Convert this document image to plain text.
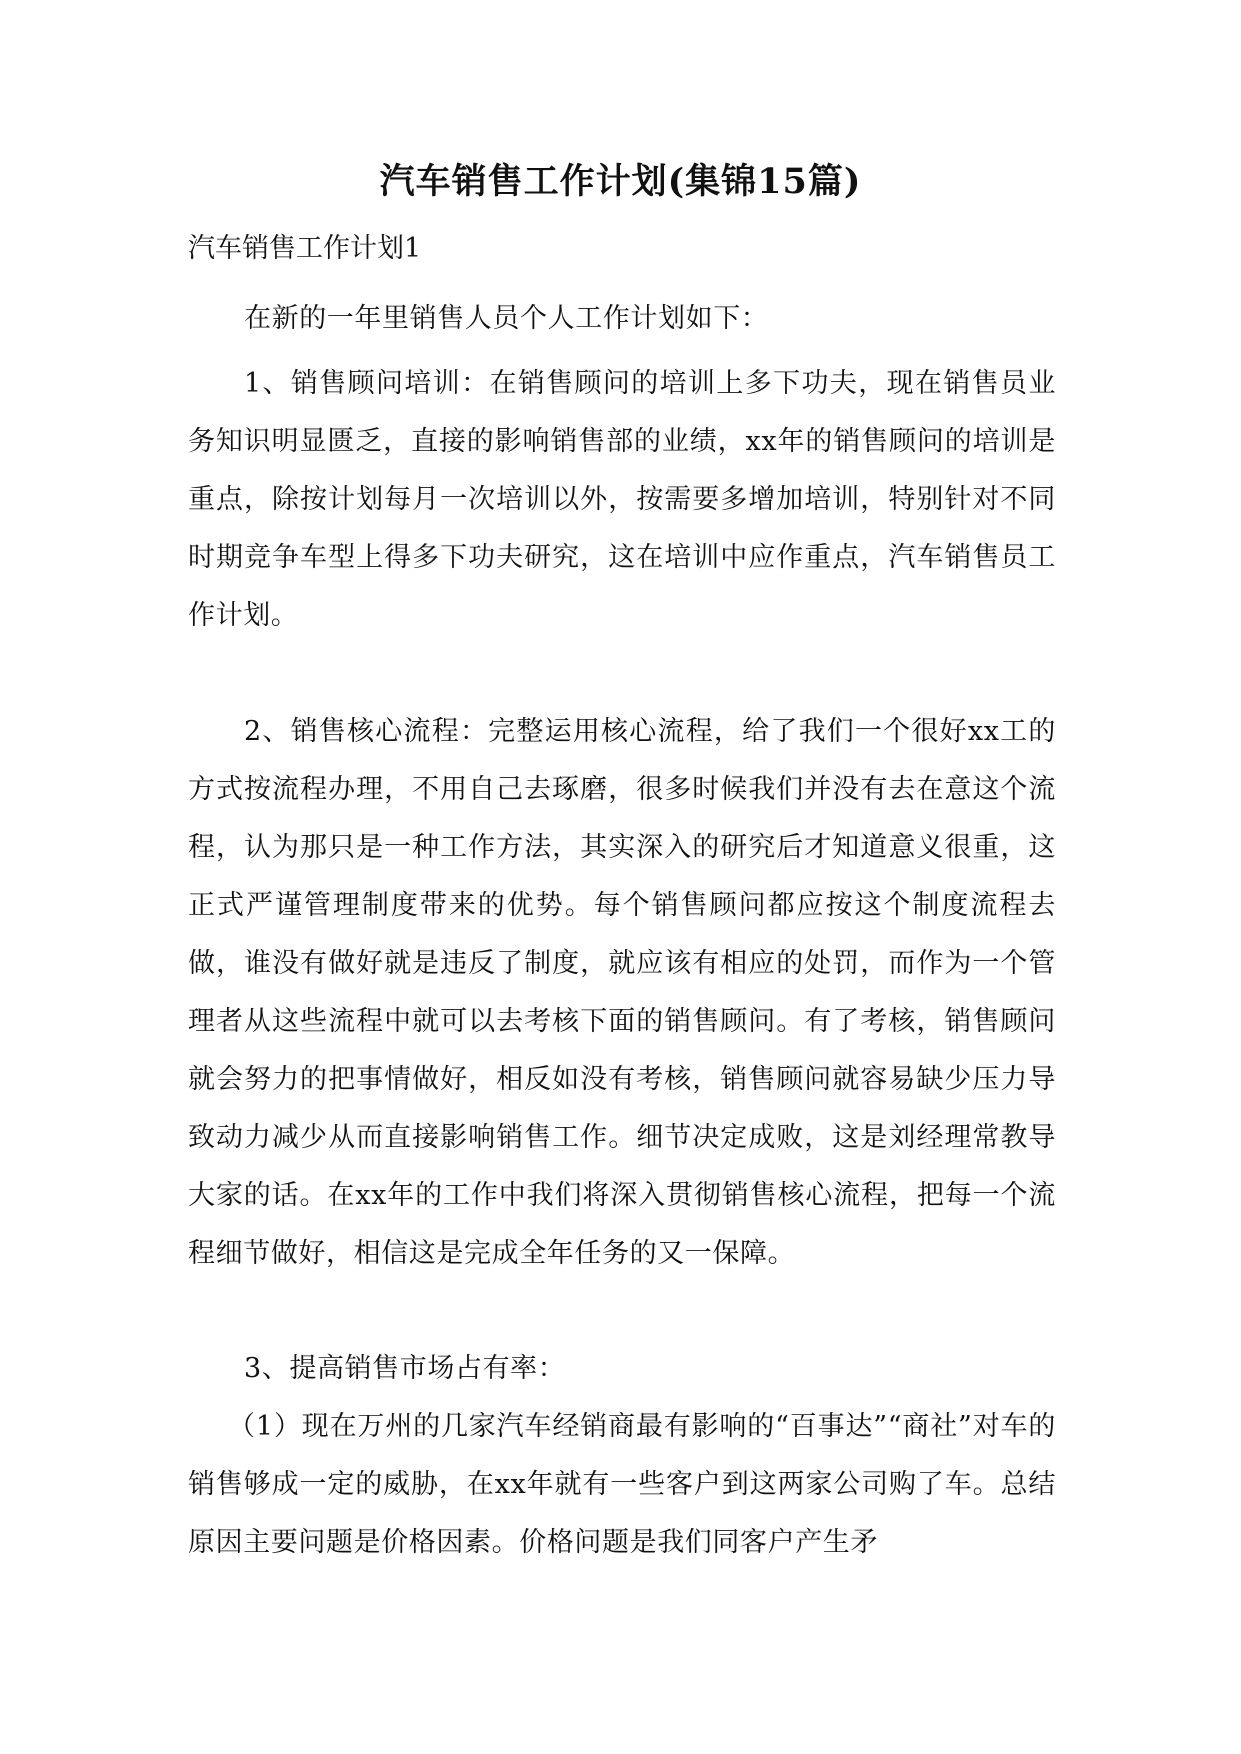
汽车销售工作计划(集锦15篇)
汽车销售工作计划1

在新的一年里销售人员个人工作计划如下：

1、销售顾问培训：在销售顾问的培训上多下功夫，现在销售员业务知识明显匮乏，直接的影响销售部的业绩，xx年的销售顾问的培训是重点，除按计划每月一次培训以外，按需要多增加培训，特别针对不同时期竞争车型上得多下功夫研究，这在培训中应作重点，汽车销售员工作计划。

2、销售核心流程：完整运用核心流程，给了我们一个很好xx工的方式按流程办理，不用自己去琢磨，很多时候我们并没有去在意这个流程，认为那只是一种工作方法，其实深入的研究后才知道意义很重，这正式严谨管理制度带来的优势。每个销售顾问都应按这个制度流程去做，谁没有做好就是违反了制度，就应该有相应的处罚，而作为一个管理者从这些流程中就可以去考核下面的销售顾问。有了考核，销售顾问就会努力的把事情做好，相反如没有考核，销售顾问就容易缺少压力导致动力减少从而直接影响销售工作。细节决定成败，这是刘经理常教导大家的话。在xx年的工作中我们将深入贯彻销售核心流程，把每一个流程细节做好，相信这是完成全年任务的又一保障。

3、提高销售市场占有率：

（1）现在万州的几家汽车经销商最有影响的“百事达”“商社”对车的销售够成一定的威胁，在xx年就有一些客户到这两家公司购了车。总结原因主要问题是价格因素。价格问题是我们同客户产生矛
